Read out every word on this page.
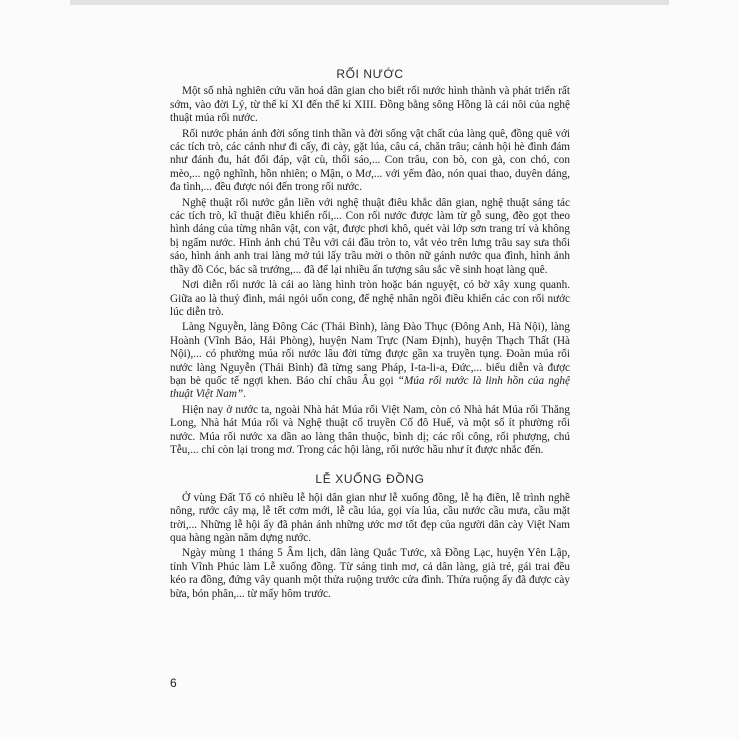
RỐI NƯỚC

Một số nhà nghiên cứu văn hoá dân gian cho biết rối nước hình thành và phát triển rất sớm, vào đời Lý, từ thế kỉ XI đến thế kỉ XIII. Đồng bằng sông Hồng là cái nôi của nghệ thuật múa rối nước.

Rối nước phản ánh đời sống tinh thần và đời sống vật chất của làng quê, đồng quê với các tích trò, các cảnh như đi cấy, đi cày, gặt lúa, câu cá, chăn trâu; cảnh hội hè đình đám như đánh đu, hát đối đáp, vật cù, thổi sáo,... Con trâu, con bò, con gà, con chó, con mèo,... ngộ nghĩnh, hồn nhiên; o Mận, o Mơ,... với yếm đào, nón quai thao, duyên dáng, đa tình,... đều được nói đến trong rối nước.

Nghệ thuật rối nước gắn liền với nghệ thuật điêu khắc dân gian, nghệ thuật sáng tác các tích trò, kĩ thuật điều khiển rối,... Con rối nước được làm từ gỗ sung, đẽo gọt theo hình dáng của từng nhân vật, con vật, được phơi khô, quét vài lớp sơn trang trí và không bị ngấm nước. Hình ảnh chú Tễu với cái đầu tròn to, vắt vẻo trên lưng trâu say sưa thổi sáo, hình ảnh anh trai làng mở túi lấy trầu mời o thôn nữ gánh nước qua đình, hình ảnh thầy đồ Cóc, bác sã trưởng,... đã để lại nhiều ấn tượng sâu sắc về sinh hoạt làng quê.

Nơi diễn rối nước là cái ao làng hình tròn hoặc bán nguyệt, có bờ xây xung quanh. Giữa ao là thuỷ đình, mái ngói uốn cong, để nghệ nhân ngồi điều khiển các con rối nước lúc diễn trò.

Làng Nguyễn, làng Đông Các (Thái Bình), làng Đào Thục (Đông Anh, Hà Nội), làng Hoành (Vĩnh Bảo, Hải Phòng), huyện Nam Trực (Nam Định), huyện Thạch Thất (Hà Nội),... có phường múa rối nước lâu đời từng được gần xa truyền tụng. Đoàn múa rối nước làng Nguyễn (Thái Bình) đã từng sang Pháp, I-ta-li-a, Đức,... biểu diễn và được bạn bè quốc tế ngợi khen. Báo chí châu Âu gọi “Múa rối nước là linh hồn của nghệ thuật Việt Nam”.

Hiện nay ở nước ta, ngoài Nhà hát Múa rối Việt Nam, còn có Nhà hát Múa rối Thăng Long, Nhà hát Múa rối và Nghệ thuật cổ truyền Cố đô Huế, và một số ít phường rối nước. Múa rối nước xa dần ao làng thân thuộc, bình dị; các rối công, rối phượng, chú Tễu,... chỉ còn lại trong mơ. Trong các hội làng, rối nước hầu như ít được nhắc đến.

LỄ XUỐNG ĐỒNG

Ở vùng Đất Tổ có nhiều lễ hội dân gian như lễ xuống đồng, lễ hạ điền, lễ trình nghề nông, rước cây mạ, lễ tết cơm mới, lễ cầu lúa, gọi vía lúa, cầu nước cầu mưa, cầu mặt trời,... Những lễ hội ấy đã phản ánh những ước mơ tốt đẹp của người dân cày Việt Nam qua hàng ngàn năm dựng nước.

Ngày mùng 1 tháng 5 Âm lịch, dân làng Quắc Tước, xã Đồng Lạc, huyện Yên Lập, tỉnh Vĩnh Phúc làm Lễ xuống đồng. Từ sáng tinh mơ, cả dân làng, già trẻ, gái trai đều kéo ra đồng, đứng vây quanh một thửa ruộng trước cửa đình. Thửa ruộng ấy đã được cày bừa, bón phân,... từ mấy hôm trước.

6
